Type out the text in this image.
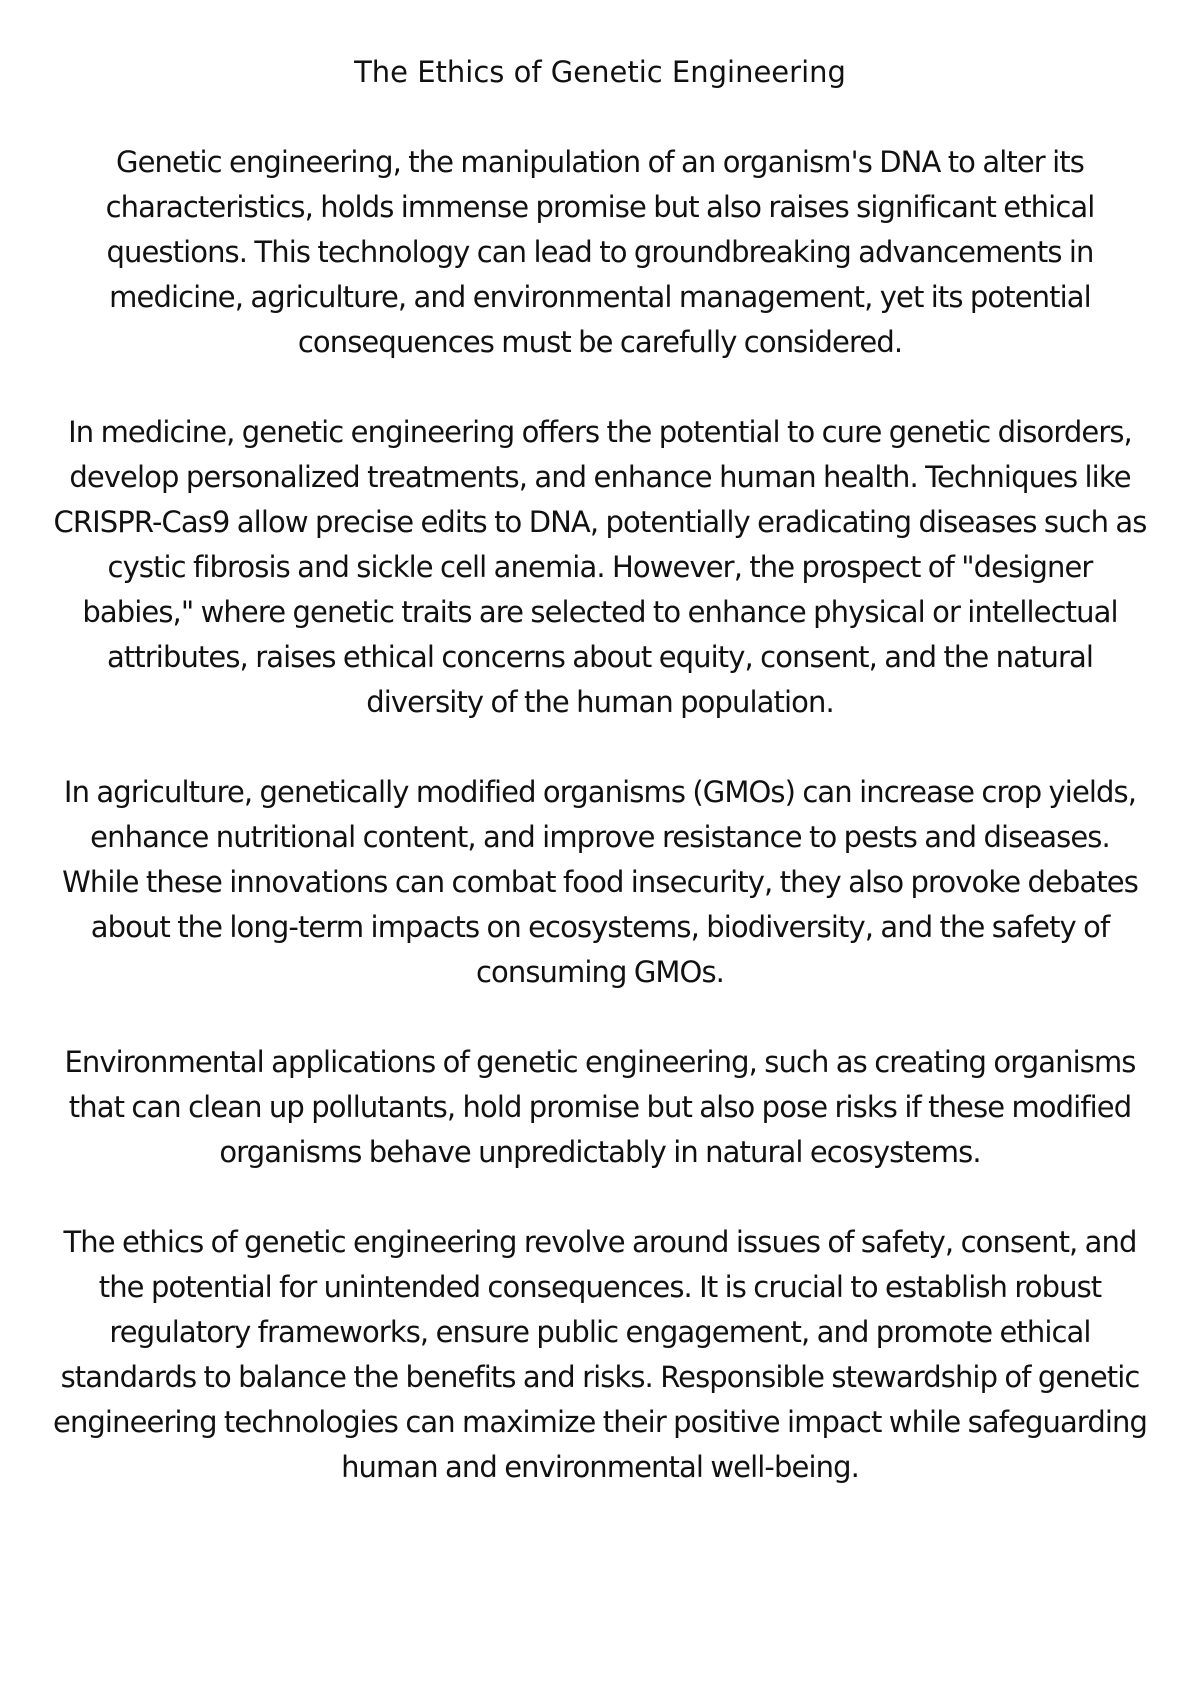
The Ethics of Genetic Engineering

Genetic engineering, the manipulation of an organism's DNA to alter its characteristics, holds immense promise but also raises significant ethical questions. This technology can lead to groundbreaking advancements in medicine, agriculture, and environmental management, yet its potential consequences must be carefully considered.

In medicine, genetic engineering offers the potential to cure genetic disorders, develop personalized treatments, and enhance human health. Techniques like CRISPR-Cas9 allow precise edits to DNA, potentially eradicating diseases such as cystic fibrosis and sickle cell anemia. However, the prospect of "designer babies," where genetic traits are selected to enhance physical or intellectual attributes, raises ethical concerns about equity, consent, and the natural diversity of the human population.

In agriculture, genetically modified organisms (GMOs) can increase crop yields, enhance nutritional content, and improve resistance to pests and diseases. While these innovations can combat food insecurity, they also provoke debates about the long-term impacts on ecosystems, biodiversity, and the safety of consuming GMOs.

Environmental applications of genetic engineering, such as creating organisms that can clean up pollutants, hold promise but also pose risks if these modified organisms behave unpredictably in natural ecosystems.

The ethics of genetic engineering revolve around issues of safety, consent, and the potential for unintended consequences. It is crucial to establish robust regulatory frameworks, ensure public engagement, and promote ethical standards to balance the benefits and risks. Responsible stewardship of genetic engineering technologies can maximize their positive impact while safeguarding human and environmental well-being.
